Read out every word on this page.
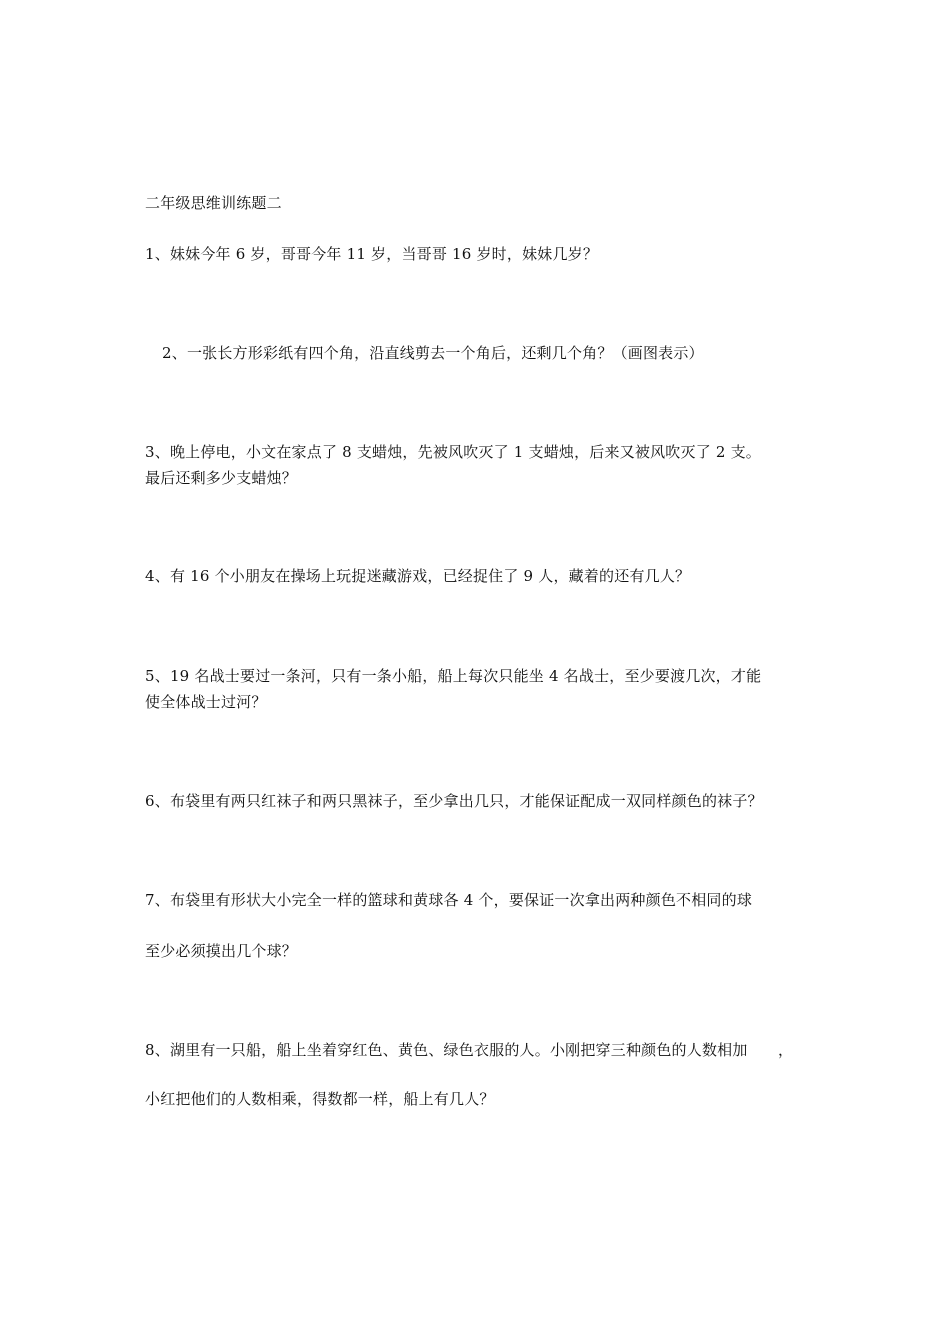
二年级思维训练题二
1、妹妹今年 6 岁，哥哥今年 11 岁，当哥哥 16 岁时，妹妹几岁？
2、一张长方形彩纸有四个角，沿直线剪去一个角后，还剩几个角？（画图表示）
3、晚上停电，小文在家点了 8 支蜡烛，先被风吹灭了 1 支蜡烛，后来又被风吹灭了 2 支。
最后还剩多少支蜡烛？
4、有 16 个小朋友在操场上玩捉迷藏游戏，已经捉住了 9 人，藏着的还有几人？
5、19 名战士要过一条河，只有一条小船，船上每次只能坐 4 名战士，至少要渡几次，才能
使全体战士过河？
6、布袋里有两只红袜子和两只黑袜子，至少拿出几只，才能保证配成一双同样颜色的袜子？
7、布袋里有形状大小完全一样的篮球和黄球各 4 个，要保证一次拿出两种颜色不相同的球
至少必须摸出几个球？
8、湖里有一只船，船上坐着穿红色、黄色、绿色衣服的人。小刚把穿三种颜色的人数相加　　，
小红把他们的人数相乘，得数都一样，船上有几人？
